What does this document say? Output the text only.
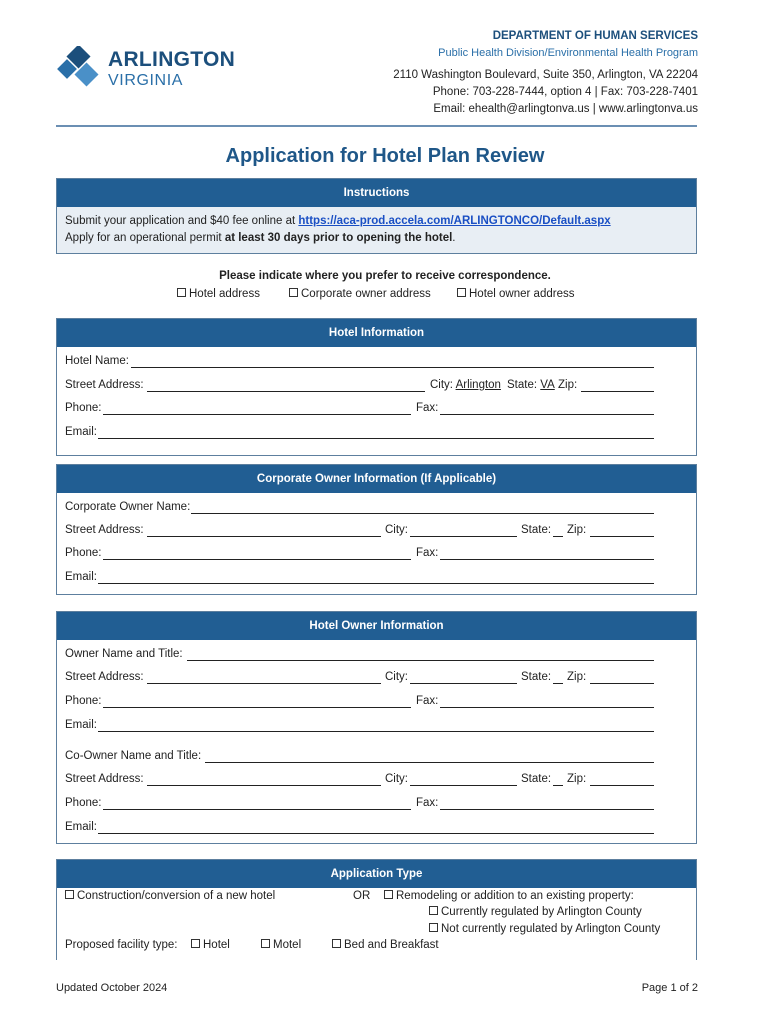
ARLINGTON
VIRGINIA
DEPARTMENT OF HUMAN SERVICES
Public Health Division/Environmental Health Program
2110 Washington Boulevard, Suite 350, Arlington, VA 22204
Phone: 703-228-7444, option 4 | Fax: 703-228-7401
Email: ehealth@arlingtonva.us | www.arlingtonva.us
Application for Hotel Plan Review
Instructions
Submit your application and $40 fee online at https://aca-prod.accela.com/ARLINGTONCO/Default.aspx
Apply for an operational permit at least 30 days prior to opening the hotel.
Please indicate where you prefer to receive correspondence.
Hotel address	Corporate owner address	Hotel owner address
Hotel Information
Hotel Name:
Street Address:	City: Arlington State: VA Zip:
Phone:	Fax:
Email:
Corporate Owner Information (If Applicable)
Corporate Owner Name:
Street Address:	City:	State: Zip:
Phone:	Fax:
Email:
Hotel Owner Information
Owner Name and Title:
Street Address:	City:	State: Zip:
Phone:	Fax:
Email:
Co-Owner Name and Title:
Street Address:	City:	State: Zip:
Phone:	Fax:
Email:
Application Type
Construction/conversion of a new hotel	OR	Remodeling or addition to an existing property:
Currently regulated by Arlington County
Not currently regulated by Arlington County
Proposed facility type:	Hotel	Motel	Bed and Breakfast
Updated October 2024	Page 1 of 2
